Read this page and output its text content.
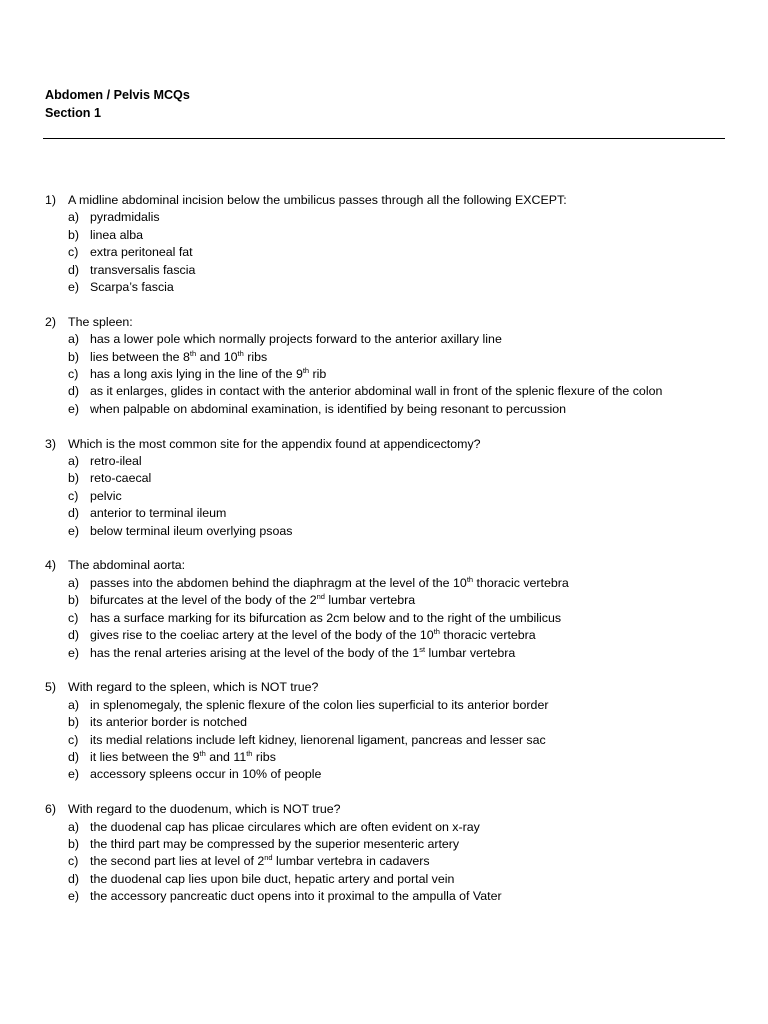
Abdomen / Pelvis MCQs
Section 1
1) A midline abdominal incision below the umbilicus passes through all the following EXCEPT:
a) pyradmidalis
b) linea alba
c) extra peritoneal fat
d) transversalis fascia
e) Scarpa’s fascia
2) The spleen:
a) has a lower pole which normally projects forward to the anterior axillary line
b) lies between the 8th and 10th ribs
c) has a long axis lying in the line of the 9th rib
d) as it enlarges, glides in contact with the anterior abdominal wall in front of the splenic flexure of the colon
e) when palpable on abdominal examination, is identified by being resonant to percussion
3) Which is the most common site for the appendix found at appendicectomy?
a) retro-ileal
b) reto-caecal
c) pelvic
d) anterior to terminal ileum
e) below terminal ileum overlying psoas
4) The abdominal aorta:
a) passes into the abdomen behind the diaphragm at the level of the 10th thoracic vertebra
b) bifurcates at the level of the body of the 2nd lumbar vertebra
c) has a surface marking for its bifurcation as 2cm below and to the right of the umbilicus
d) gives rise to the coeliac artery at the level of the body of the 10th thoracic vertebra
e) has the renal arteries arising at the level of the body of the 1st lumbar vertebra
5) With regard to the spleen, which is NOT true?
a) in splenomegaly, the splenic flexure of the colon lies superficial to its anterior border
b) its anterior border is notched
c) its medial relations include left kidney, lienorenal ligament, pancreas and lesser sac
d) it lies between the 9th and 11th ribs
e) accessory spleens occur in 10% of people
6) With regard to the duodenum, which is NOT true?
a) the duodenal cap has plicae circulares which are often evident on x-ray
b) the third part may be compressed by the superior mesenteric artery
c) the second part lies at level of 2nd lumbar vertebra in cadavers
d) the duodenal cap lies upon bile duct, hepatic artery and portal vein
e) the accessory pancreatic duct opens into it proximal to the ampulla of Vater
